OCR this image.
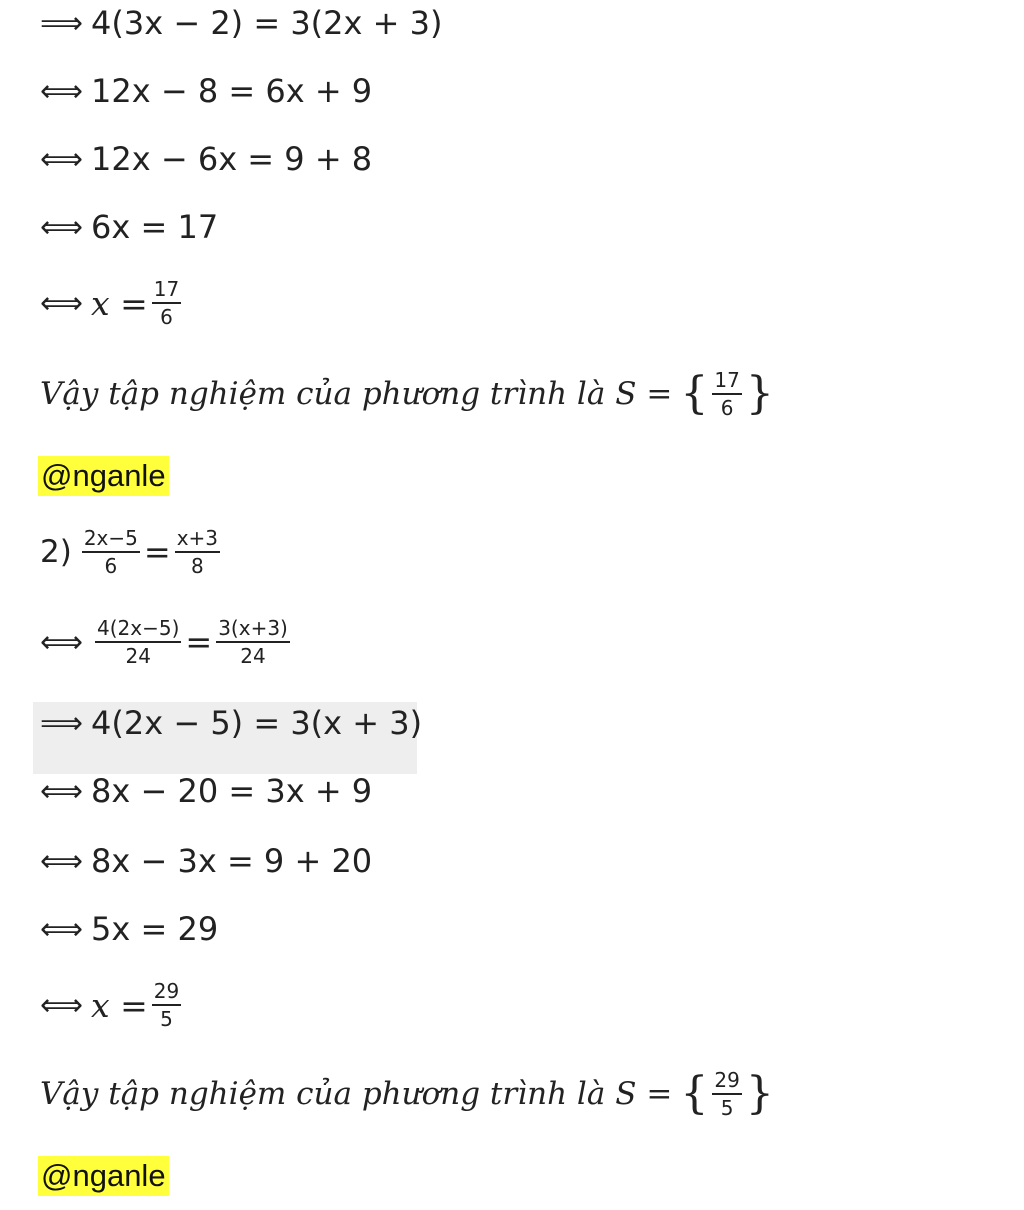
⟹ 4(3x − 2) = 3(2x + 3)
⟺ 12x − 8 = 6x + 9
⟺ 12x − 6x = 9 + 8
⟺ 6x = 17
⟺ $x = \frac{17}{6}$
Vậy tập nghiệm của phương trình là S = { $\frac{17}{6}$ }
@nganle
$2) \frac{2x-5}{6} = \frac{x+3}{8}$
⟺ $\frac{4(2x-5)}{24} = \frac{3(x+3)}{24}$
⟹ 4(2x − 5) = 3(x + 3)
⟺ 8x − 20 = 3x + 9
⟺ 8x − 3x = 9 + 20
⟺ 5x = 29
⟺ $x = \frac{29}{5}$
Vậy tập nghiệm của phương trình là S = { $\frac{29}{5}$ }
@nganle
